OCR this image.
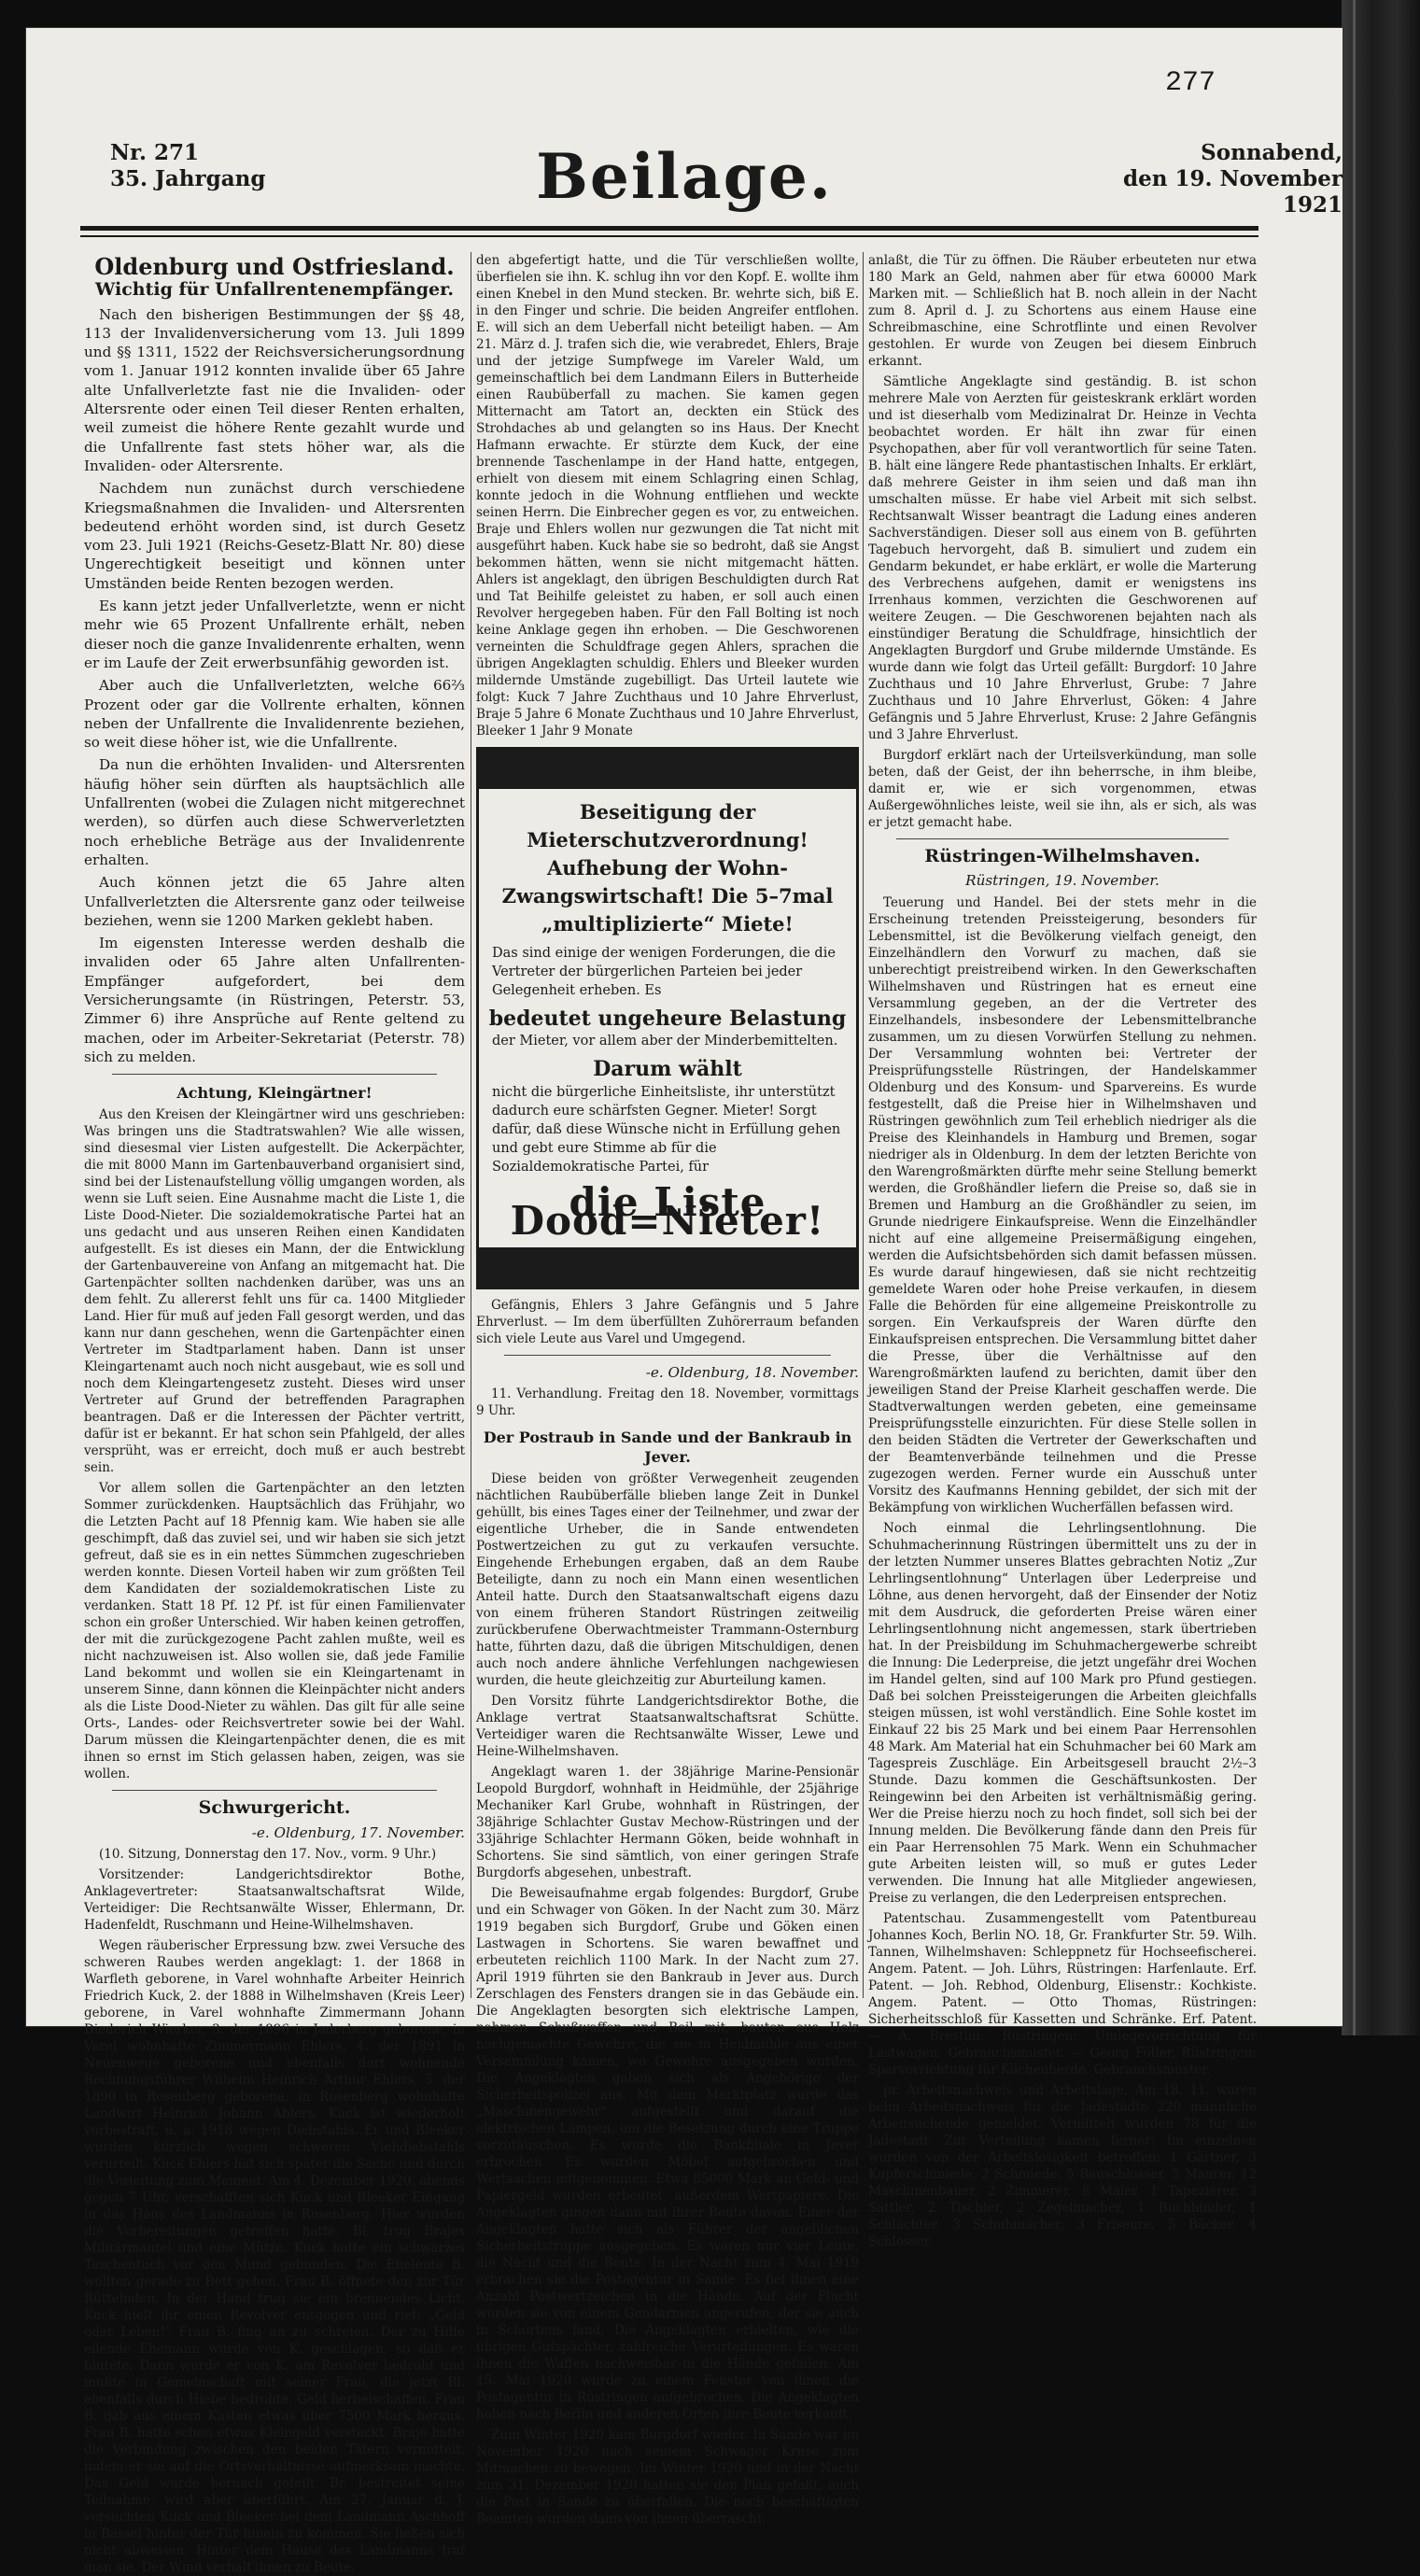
277
Nr. 271
35. Jahrgang	Beilage.	Sonnabend,
den 19. November 1921
Oldenburg und Ostfriesland.
Wichtig für Unfallrentenempfänger.

Nach den bisherigen Bestimmungen der §§ 48, 113 der Invalidenversicherung vom 13. Juli 1899 und §§ 1311, 1522 der Reichsversicherungsordnung vom 1. Januar 1912 konnten invalide über 65 Jahre alte Unfallverletzte fast nie die Invaliden- oder Altersrente oder einen Teil dieser Renten erhalten, weil zumeist die höhere Rente gezahlt wurde und die Unfallrente fast stets höher war, als die Invaliden- oder Altersrente.

Nachdem nun zunächst durch verschiedene Kriegsmaßnahmen die Invaliden- und Altersrenten bedeutend erhöht worden sind, ist durch Gesetz vom 23. Juli 1921 (Reichs-Gesetz-Blatt Nr. 80) diese Ungerechtigkeit beseitigt und können unter Umständen beide Renten bezogen werden.

Es kann jetzt jeder Unfallverletzte, wenn er nicht mehr wie 65 Prozent Unfallrente erhält, neben dieser noch die ganze Invalidenrente erhalten, wenn er im Laufe der Zeit erwerbsunfähig geworden ist.

Aber auch die Unfallverletzten, welche 66⅔ Prozent oder gar die Vollrente erhalten, können neben der Unfallrente die Invalidenrente beziehen, so weit diese höher ist, wie die Unfallrente.

Da nun die erhöhten Invaliden- und Altersrenten häufig höher sein dürften als hauptsächlich alle Unfallrenten (wobei die Zulagen nicht mitgerechnet werden), so dürfen auch diese Schwerverletzten noch erhebliche Beträge aus der Invalidenrente erhalten.

Auch können jetzt die 65 Jahre alten Unfallverletzten die Altersrente ganz oder teilweise beziehen, wenn sie 1200 Marken geklebt haben.

Im eigensten Interesse werden deshalb die invaliden oder 65 Jahre alten Unfallrenten-Empfänger aufgefordert, bei dem Versicherungsamte (in Rüstringen, Peterstr. 53, Zimmer 6) ihre Ansprüche auf Rente geltend zu machen, oder im Arbeiter-Sekretariat (Peterstr. 78) sich zu melden.

Achtung, Kleingärtner!

Aus den Kreisen der Kleingärtner wird uns geschrieben: Was bringen uns die Stadtratswahlen? Wie alle wissen, sind diesesmal vier Listen aufgestellt. Die Ackerpächter, die mit 8000 Mann im Gartenbauverband organisiert sind, sind bei der Listenaufstellung völlig umgangen worden, als wenn sie Luft seien. Eine Ausnahme macht die Liste 1, die Liste Dood-Nieter. Die sozialdemokratische Partei hat an uns gedacht und aus unseren Reihen einen Kandidaten aufgestellt. Es ist dieses ein Mann, der die Entwicklung der Gartenbauvereine von Anfang an mitgemacht hat. Die Gartenpächter sollten nachdenken darüber, was uns an dem fehlt. Zu allererst fehlt uns für ca. 1400 Mitglieder Land. Hier für muß auf jeden Fall gesorgt werden, und das kann nur dann geschehen, wenn die Gartenpächter einen Vertreter im Stadtparlament haben. Dann ist unser Kleingartenamt auch noch nicht ausgebaut, wie es soll und noch dem Kleingartengesetz zusteht. Dieses wird unser Vertreter auf Grund der betreffenden Paragraphen beantragen. Daß er die Interessen der Pächter vertritt, dafür ist er bekannt. Er hat schon sein Pfahlgeld, der alles versprüht, was er erreicht, doch muß er auch bestrebt sein.

Vor allem sollen die Gartenpächter an den letzten Sommer zurückdenken. Hauptsächlich das Frühjahr, wo die Letzten Pacht auf 18 Pfennig kam. Wie haben sie alle geschimpft, daß das zuviel sei, und wir haben sie sich jetzt gefreut, daß sie es in ein nettes Sümmchen zugeschrieben werden konnte. Diesen Vorteil haben wir zum größten Teil dem Kandidaten der sozialdemokratischen Liste zu verdanken. Statt 18 Pf. 12 Pf. ist für einen Familienvater schon ein großer Unterschied. Wir haben keinen getroffen, der mit die zurückgezogene Pacht zahlen mußte, weil es nicht nachzuweisen ist. Also wollen sie, daß jede Familie Land bekommt und wollen sie ein Kleingartenamt in unserem Sinne, dann können die Kleinpächter nicht anders als die Liste Dood-Nieter zu wählen. Das gilt für alle seine Orts-, Landes- oder Reichsvertreter sowie bei der Wahl. Darum müssen die Kleingartenpächter denen, die es mit ihnen so ernst im Stich gelassen haben, zeigen, was sie wollen.

Schwurgericht.
-e. Oldenburg, 17. November.

(10. Sitzung, Donnerstag den 17. Nov., vorm. 9 Uhr.)

Vorsitzender: Landgerichtsdirektor Bothe, Anklagevertreter: Staatsanwaltschaftsrat Wilde, Verteidiger: Die Rechtsanwälte Wisser, Ehlermann, Dr. Hadenfeldt, Ruschmann und Heine-Wilhelmshaven.

Wegen räuberischer Erpressung bzw. zwei Versuche des schweren Raubes werden angeklagt: 1. der 1868 in Warfleth geborene, in Varel wohnhafte Arbeiter Heinrich Friedrich Kuck, 2. der 1888 in Wilhelmshaven (Kreis Leer) geborene, in Varel wohnhafte Zimmermann Johann Diederich Wierker, 3. der 1896 in Jaderberg geborene, in Varel wohnhafte Zimmermann Ehlers, 4. der 1891 in Neuenwege geborene und ebenfalls dort wohnende Rechnungsführer Wilhelm Heinrich Arthur Ehlers, 5. der 1890 in Rosenberg geborene, in Rosenberg wohnhafte Landwirt Heinrich Johann Ahlers. Kuck ist wiederholt vorbestraft, u. a. 1918 wegen Diebstahls. Er und Bleeker wurden kürzlich wegen schweren Viehdiebstahls verurteilt. Kuck Ehlers hat sich später die Sache und durch die Verleitung zum Meineid. Am 4. Dezember 1920, abends gegen 7 Uhr, verschafften sich Kuck und Bleeker Eingang in das Haus des Landmanns in Rosenberg. Hier wurden die Vorbereitungen getroffen hatte. Bl. trug Brajes Militärmantel und eine Mütze. Kuck hatte ein schwarzes Taschentuch vor den Mund gebunden. Die Eheleute B. wollten gerade zu Bett gehen. Frau B. öffnete den zur Tür Rüttelnden. In der Hand trug sie ein brennendes Licht. Kuck hielt ihr einen Revolver entgegen und rief: „Geld oder Leben!“ Frau B. fing an zu schreien. Der zu Hilfe eilende Ehemann wurde von K. geschlagen, so daß er blutete. Dann wurde er von K. am Revolver bedroht und mußte in Gemeinschaft mit seiner Frau, die jetzt Bl. ebenfalls durch Hiebe bedrohte, Geld herbeischaffen. Frau B. gab aus einem Kasten etwas über 7500 Mark heraus. Frau B. hatte schon etwas Kleingeld versteckt. Braje hatte die Verbindung zwischen den beiden Tätern vermittelt, indem er sie auf die Ortsverhältnisse aufmerksam machte. Das Geld wurde hernach geteilt. Br. bestreitet seine Teilnahme, wird aber überführt. Am 27. Januar d. J. versuchten Kuck und Bleeker bei dem Landmann Aschhoff in Bassel hinter der Tür hinein zu kommen. Sie ließen sich nicht abweisen. Hinter dem Hause des Landmanns traf man sie. Der Wind verhalf ihnen zu Beute.

den abgefertigt hatte, und die Tür verschließen wollte, überfielen sie ihn. K. schlug ihn vor den Kopf. E. wollte ihm einen Knebel in den Mund stecken. Br. wehrte sich, biß E. in den Finger und schrie. Die beiden Angreifer entflohen. E. will sich an dem Ueberfall nicht beteiligt haben. — Am 21. März d. J. trafen sich die, wie verabredet, Ehlers, Braje und der jetzige Sumpfwege im Vareler Wald, um gemeinschaftlich bei dem Landmann Eilers in Butterheide einen Raubüberfall zu machen. Sie kamen gegen Mitternacht am Tatort an, deckten ein Stück des Strohdaches ab und gelangten so ins Haus. Der Knecht Hafmann erwachte. Er stürzte dem Kuck, der eine brennende Taschenlampe in der Hand hatte, entgegen, erhielt von diesem mit einem Schlagring einen Schlag, konnte jedoch in die Wohnung entfliehen und weckte seinen Herrn. Die Einbrecher gegen es vor, zu entweichen. Braje und Ehlers wollen nur gezwungen die Tat nicht mit ausgeführt haben. Kuck habe sie so bedroht, daß sie Angst bekommen hätten, wenn sie nicht mitgemacht hätten. Ahlers ist angeklagt, den übrigen Beschuldigten durch Rat und Tat Beihilfe geleistet zu haben, er soll auch einen Revolver hergegeben haben. Für den Fall Bolting ist noch keine Anklage gegen ihn erhoben. — Die Geschworenen verneinten die Schuldfrage gegen Ahlers, sprachen die übrigen Angeklagten schuldig. Ehlers und Bleeker wurden mildernde Umstände zugebilligt. Das Urteil lautete wie folgt: Kuck 7 Jahre Zuchthaus und 10 Jahre Ehrverlust, Braje 5 Jahre 6 Monate Zuchthaus und 10 Jahre Ehrverlust, Bleeker 1 Jahr 9 Monate

Beseitigung der Mieterschutzverordnung! Aufhebung der Wohn-Zwangswirtschaft! Die 5–7mal „multiplizierte“ Miete!
Das sind einige der wenigen Forderungen, die die Vertreter der bürgerlichen Parteien bei jeder Gelegenheit erheben. Es
bedeutet ungeheure Belastung
der Mieter, vor allem aber der Minderbemittelten.
Darum wählt
nicht die bürgerliche Einheitsliste, ihr unterstützt dadurch eure schärfsten Gegner. Mieter! Sorgt dafür, daß diese Wünsche nicht in Erfüllung gehen und gebt eure Stimme ab für die Sozialdemokratische Partei, für
die Liste Dood=Nieter!

Gefängnis, Ehlers 3 Jahre Gefängnis und 5 Jahre Ehrverlust. — Im dem überfüllten Zuhörerraum befanden sich viele Leute aus Varel und Umgegend.

-e. Oldenburg, 18. November.

11. Verhandlung. Freitag den 18. November, vormittags 9 Uhr.

Der Postraub in Sande und der Bankraub in Jever.

Diese beiden von größter Verwegenheit zeugenden nächtlichen Raubüberfälle blieben lange Zeit in Dunkel gehüllt, bis eines Tages einer der Teilnehmer, und zwar der eigentliche Urheber, die in Sande entwendeten Postwertzeichen zu gut zu verkaufen versuchte. Eingehende Erhebungen ergaben, daß an dem Raube Beteiligte, dann zu noch ein Mann einen wesentlichen Anteil hatte. Durch den Staatsanwaltschaft eigens dazu von einem früheren Standort Rüstringen zeitweilig zurückberufene Oberwachtmeister Trammann-Osternburg hatte, führten dazu, daß die übrigen Mitschuldigen, denen auch noch andere ähnliche Verfehlungen nachgewiesen wurden, die heute gleichzeitig zur Aburteilung kamen.

Den Vorsitz führte Landgerichtsdirektor Bothe, die Anklage vertrat Staatsanwaltschaftsrat Schütte. Verteidiger waren die Rechtsanwälte Wisser, Lewe und Heine-Wilhelmshaven.

Angeklagt waren 1. der 38jährige Marine-Pensionär Leopold Burgdorf, wohnhaft in Heidmühle, der 25jährige Mechaniker Karl Grube, wohnhaft in Rüstringen, der 38jährige Schlachter Gustav Mechow-Rüstringen und der 33jährige Schlachter Hermann Göken, beide wohnhaft in Schortens. Sie sind sämtlich, von einer geringen Strafe Burgdorfs abgesehen, unbestraft.

Die Beweisaufnahme ergab folgendes: Burgdorf, Grube und ein Schwager von Göken. In der Nacht zum 30. März 1919 begaben sich Burgdorf, Grube und Göken einen Lastwagen in Schortens. Sie waren bewaffnet und erbeuteten reichlich 1100 Mark. In der Nacht zum 27. April 1919 führten sie den Bankraub in Jever aus. Durch Zerschlagen des Fensters drangen sie in das Gebäude ein. Die Angeklagten besorgten sich elektrische Lampen, nahmen Schußwaffen und Beil mit, bauten aus Holz nachgemachte Gewehre, die sie in Heidmühle aus einer Versammlung kamen, wo Gewehre ausgegeben wurden. Die Angeklagten gaben sich als Angehörige der Sicherheitspolizei aus. Mit dem Marktplatz wurde das „Maschinengewehr“ aufgestellt und darauf die elektrischen Lampen, um die Besetzung durch eine Truppe vorzutäuschen. Es wurde die Bankfiliale in Jever erbrochen. Es wurden Möbel aufgebrochen und Wertsachen mitgenommen. Etwa 85000 Mark an Gold- und Papiergeld wurden erbeutet, außerdem Wertpapiere. Die Angeklagten gingen dann mit ihrer Beute davon. Einer der Angeklagten hatte sich als Führer der angeblichen Sicherheitstruppe ausgegeben. Es waren nur vier Leute, die Nacht und die Beute. In der Nacht zum 4. Mai 1919 erbrachen sie die Postagentur in Sande. Es fiel ihnen eine Anzahl Postwertzeichen in die Hände. Auf der Flucht wurden sie von einem Gendarmen angerufen, der sie auch in Schortens fand. Die Angeklagten erhielten, wie die übrigen Gutspächter, zahlreiche Verurteilungen. Es waren ihnen die Waffen nachweisbar in die Hände gefallen. Am 15. Mai 1920 wurde zu einem Fenster von ihnen die Postagentur in Rüstringen aufgebrochen. Die Angeklagten haben nach Berlin und anderen Orten ihre Beute verkauft.

Zum Winter 1920 kam Burgdorf wieder. In Sande war im November 1920 nach seinem Schwager Kruse zum Mitmachen zu bewegen. Im Winter 1920 und in der Nacht zum 31. Dezember 1920 hatten sie den Plan gefaßt, auch die Post in Sande zu überfallen. Die noch beschäftigten Beamten wurden dann von ihnen überrascht.

anlaßt, die Tür zu öffnen. Die Räuber erbeuteten nur etwa 180 Mark an Geld, nahmen aber für etwa 60000 Mark Marken mit. — Schließlich hat B. noch allein in der Nacht zum 8. April d. J. zu Schortens aus einem Hause eine Schreibmaschine, eine Schrotflinte und einen Revolver gestohlen. Er wurde von Zeugen bei diesem Einbruch erkannt.

Sämtliche Angeklagte sind geständig. B. ist schon mehrere Male von Aerzten für geisteskrank erklärt worden und ist dieserhalb vom Medizinalrat Dr. Heinze in Vechta beobachtet worden. Er hält ihn zwar für einen Psychopathen, aber für voll verantwortlich für seine Taten. B. hält eine längere Rede phantastischen Inhalts. Er erklärt, daß mehrere Geister in ihm seien und daß man ihn umschalten müsse. Er habe viel Arbeit mit sich selbst. Rechtsanwalt Wisser beantragt die Ladung eines anderen Sachverständigen. Dieser soll aus einem von B. geführten Tagebuch hervorgeht, daß B. simuliert und zudem ein Gendarm bekundet, er habe erklärt, er wolle die Marterung des Verbrechens aufgehen, damit er wenigstens ins Irrenhaus kommen, verzichten die Geschworenen auf weitere Zeugen. — Die Geschworenen bejahten nach als einstündiger Beratung die Schuldfrage, hinsichtlich der Angeklagten Burgdorf und Grube mildernde Umstände. Es wurde dann wie folgt das Urteil gefällt: Burgdorf: 10 Jahre Zuchthaus und 10 Jahre Ehrverlust, Grube: 7 Jahre Zuchthaus und 10 Jahre Ehrverlust, Göken: 4 Jahre Gefängnis und 5 Jahre Ehrverlust, Kruse: 2 Jahre Gefängnis und 3 Jahre Ehrverlust.

Burgdorf erklärt nach der Urteilsverkündung, man solle beten, daß der Geist, der ihn beherrsche, in ihm bleibe, damit er, wie er sich vorgenommen, etwas Außergewöhnliches leiste, weil sie ihn, als er sich, als was er jetzt gemacht habe.

Rüstringen-Wilhelmshaven.
Rüstringen, 19. November.

Teuerung und Handel. Bei der stets mehr in die Erscheinung tretenden Preissteigerung, besonders für Lebensmittel, ist die Bevölkerung vielfach geneigt, den Einzelhändlern den Vorwurf zu machen, daß sie unberechtigt preistreibend wirken. In den Gewerkschaften Wilhelmshaven und Rüstringen hat es erneut eine Versammlung gegeben, an der die Vertreter des Einzelhandels, insbesondere der Lebensmittelbranche zusammen, um zu diesen Vorwürfen Stellung zu nehmen. Der Versammlung wohnten bei: Vertreter der Preisprüfungsstelle Rüstringen, der Handelskammer Oldenburg und des Konsum- und Sparvereins. Es wurde festgestellt, daß die Preise hier in Wilhelmshaven und Rüstringen gewöhnlich zum Teil erheblich niedriger als die Preise des Kleinhandels in Hamburg und Bremen, sogar niedriger als in Oldenburg. In dem der letzten Berichte von den Warengroßmärkten dürfte mehr seine Stellung bemerkt werden, die Großhändler liefern die Preise so, daß sie in Bremen und Hamburg an die Großhändler zu seien, im Grunde niedrigere Einkaufspreise. Wenn die Einzelhändler nicht auf eine allgemeine Preisermäßigung eingehen, werden die Aufsichtsbehörden sich damit befassen müssen. Es wurde darauf hingewiesen, daß sie nicht rechtzeitig gemeldete Waren oder hohe Preise verkaufen, in diesem Falle die Behörden für eine allgemeine Preiskontrolle zu sorgen. Ein Verkaufspreis der Waren dürfte den Einkaufspreisen entsprechen. Die Versammlung bittet daher die Presse, über die Verhältnisse auf den Warengroßmärkten laufend zu berichten, damit über den jeweiligen Stand der Preise Klarheit geschaffen werde. Die Stadtverwaltungen werden gebeten, eine gemeinsame Preisprüfungsstelle einzurichten. Für diese Stelle sollen in den beiden Städten die Vertreter der Gewerkschaften und der Beamtenverbände teilnehmen und die Presse zugezogen werden. Ferner wurde ein Ausschuß unter Vorsitz des Kaufmanns Henning gebildet, der sich mit der Bekämpfung von wirklichen Wucherfällen befassen wird.

Noch einmal die Lehrlingsentlohnung. Die Schuhmacherinnung Rüstringen übermittelt uns zu der in der letzten Nummer unseres Blattes gebrachten Notiz „Zur Lehrlingsentlohnung“ Unterlagen über Lederpreise und Löhne, aus denen hervorgeht, daß der Einsender der Notiz mit dem Ausdruck, die geforderten Preise wären einer Lehrlingsentlohnung nicht angemessen, stark übertrieben hat. In der Preisbildung im Schuhmachergewerbe schreibt die Innung: Die Lederpreise, die jetzt ungefähr drei Wochen im Handel gelten, sind auf 100 Mark pro Pfund gestiegen. Daß bei solchen Preissteigerungen die Arbeiten gleichfalls steigen müssen, ist wohl verständlich. Eine Sohle kostet im Einkauf 22 bis 25 Mark und bei einem Paar Herrensohlen 48 Mark. Am Material hat ein Schuhmacher bei 60 Mark am Tagespreis Zuschläge. Ein Arbeitsgesell braucht 2½–3 Stunde. Dazu kommen die Geschäftsunkosten. Der Reingewinn bei den Arbeiten ist verhältnismäßig gering. Wer die Preise hierzu noch zu hoch findet, soll sich bei der Innung melden. Die Bevölkerung fände dann den Preis für ein Paar Herrensohlen 75 Mark. Wenn ein Schuhmacher gute Arbeiten leisten will, so muß er gutes Leder verwenden. Die Innung hat alle Mitglieder angewiesen, Preise zu verlangen, die den Lederpreisen entsprechen.

Patentschau. Zusammengestellt vom Patentbureau Johannes Koch, Berlin NO. 18, Gr. Frankfurter Str. 59. Wilh. Tannen, Wilhelmshaven: Schleppnetz für Hochseefischerei. Angem. Patent. — Joh. Lührs, Rüstringen: Harfenlaute. Erf. Patent. — Joh. Rebhod, Oldenburg, Elisenstr.: Kochkiste. Angem. Patent. — Otto Thomas, Rüstringen: Sicherheitsschloß für Kassetten und Schränke. Erf. Patent. — A. Brestlin, Rüstringen: Umlegevorrichtung für Lastwagen. Gebrauchsmuster. — Georg Föller, Rüstringen: Sparvorrichtung für Küchenherde. Gebrauchsmuster.

pr. Arbeitsnachweis und Arbeitslage. Am 18. 11. waren beim Arbeitsnachweis für die Jadestädte 220 männliche Arbeitsuchende gemeldet. Vermittelt wurden 78 für die Jadestadt. Zur Verteilung kamen ferner: Im einzelnen wurden von der Arbeitslosigkeit betroffen: 1 Gärtner, 3 Kupferschmiede, 2 Schmiede, 5 Bauschlosser, 5 Maurer, 12 Maschinenbauer, 2 Zimmerer, 8 Maler, 1 Tapezierer, 3 Sattler, 2 Tischler, 2 Zegelmacher, 1 Buchbinder, 1 Schlachter, 3 Schuhmacher, 3 Friseure, 5 Bäcker, 4 Schlosser.
